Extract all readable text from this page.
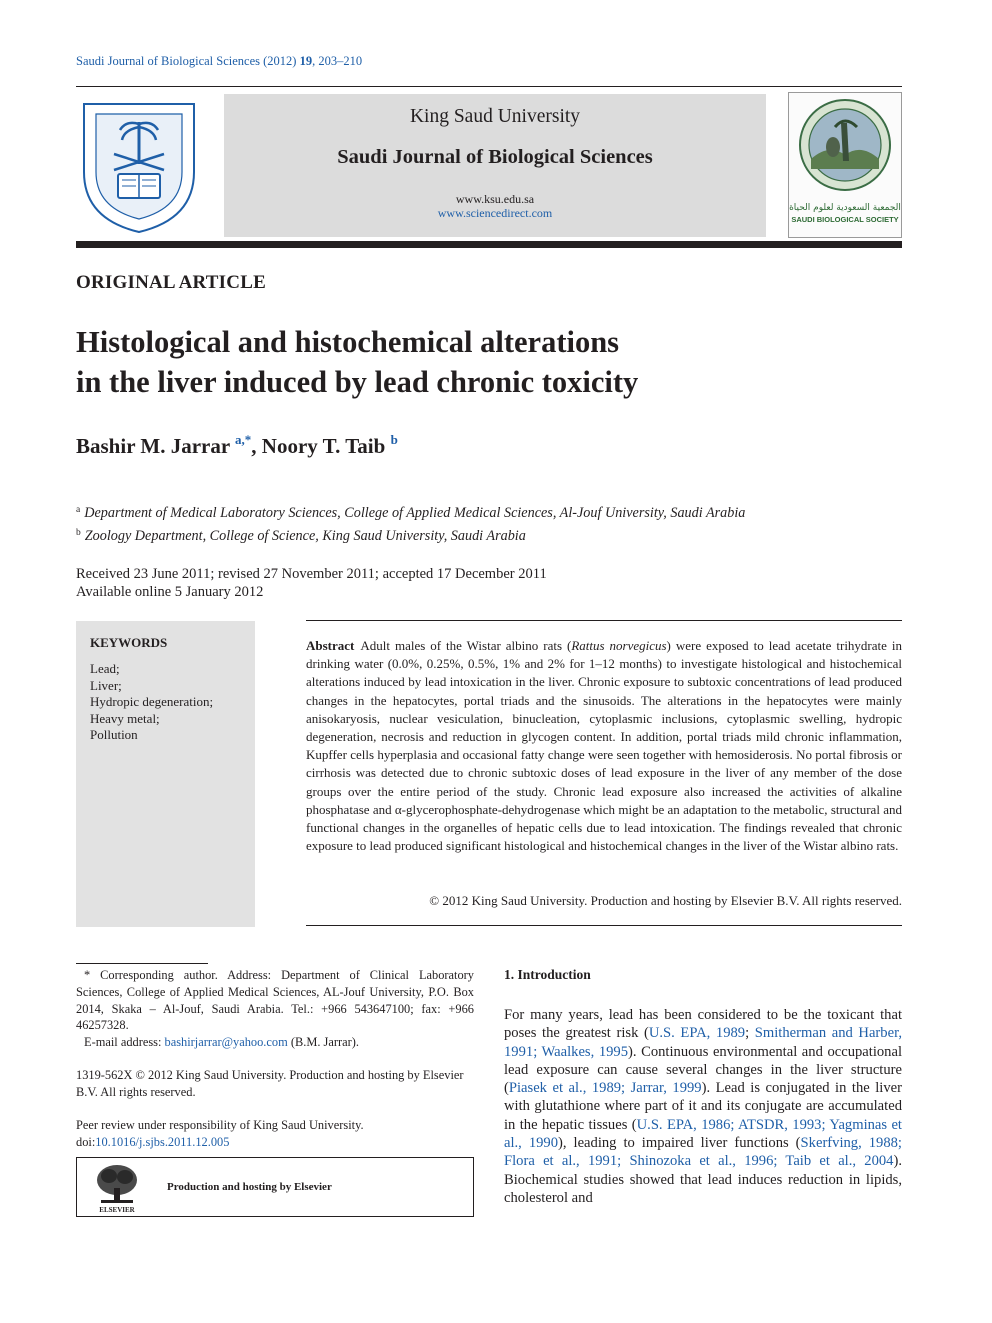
Saudi Journal of Biological Sciences (2012) 19, 203–210
King Saud University
Saudi Journal of Biological Sciences
www.ksu.edu.sa
www.sciencedirect.com	الجمعية السعودية لعلوم الحياة
SAUDI BIOLOGICAL SOCIETY
ORIGINAL ARTICLE
Histological and histochemical alterations
in the liver induced by lead chronic toxicity
Bashir M. Jarrar $^{a,*}$, Noory T. Taib $^b$
$^a$ Department of Medical Laboratory Sciences, College of Applied Medical Sciences, Al-Jouf University, Saudi Arabia
$^b$ Zoology Department, College of Science, King Saud University, Saudi Arabia
Received 23 June 2011; revised 27 November 2011; accepted 17 December 2011
Available online 5 January 2012
KEYWORDS
Lead;
Liver;
Hydropic degeneration;
Heavy metal;
Pollution
Abstract Adult males of the Wistar albino rats (Rattus norvegicus) were exposed to lead acetate trihydrate in drinking water (0.0%, 0.25%, 0.5%, 1% and 2% for 1–12 months) to investigate histological and histochemical alterations induced by lead intoxication in the liver. Chronic exposure to subtoxic concentrations of lead produced changes in the hepatocytes, portal triads and the sinusoids. The alterations in the hepatocytes were mainly anisokaryosis, nuclear vesiculation, binucleation, cytoplasmic inclusions, cytoplasmic swelling, hydropic degeneration, necrosis and reduction in glycogen content. In addition, portal triads mild chronic inflammation, Kupffer cells hyperplasia and occasional fatty change were seen together with hemosiderosis. No portal fibrosis or cirrhosis was detected due to chronic subtoxic doses of lead exposure in the liver of any member of the dose groups over the entire period of the study. Chronic lead exposure also increased the activities of alkaline phosphatase and α-glycerophosphate-dehydrogenase which might be an adaptation to the metabolic, structural and functional changes in the organelles of hepatic cells due to lead intoxication. The findings revealed that chronic exposure to lead produced significant histological and histochemical changes in the liver of the Wistar albino rats.
© 2012 King Saud University. Production and hosting by Elsevier B.V. All rights reserved.
* Corresponding author. Address: Department of Clinical Laboratory Sciences, College of Applied Medical Sciences, AL-Jouf University, P.O. Box 2014, Skaka – Al-Jouf, Saudi Arabia. Tel.: +966 543647100; fax: +966 46257328.
E-mail address: bashirjarrar@yahoo.com (B.M. Jarrar).
1319-562X © 2012 King Saud University. Production and hosting by Elsevier B.V. All rights reserved.
Peer review under responsibility of King Saud University.
doi:10.1016/j.sjbs.2011.12.005
ELSEVIER
Production and hosting by Elsevier
1. Introduction
For many years, lead has been considered to be the toxicant that poses the greatest risk (U.S. EPA, 1989; Smitherman and Harber, 1991; Waalkes, 1995). Continuous environmental and occupational lead exposure can cause several changes in the liver structure (Piasek et al., 1989; Jarrar, 1999). Lead is conjugated in the liver with glutathione where part of it and its conjugate are accumulated in the hepatic tissues (U.S. EPA, 1986; ATSDR, 1993; Yagminas et al., 1990), leading to impaired liver functions (Skerfving, 1988; Flora et al., 1991; Shinozoka et al., 1996; Taib et al., 2004). Biochemical studies showed that lead induces reduction in lipids, cholesterol and
